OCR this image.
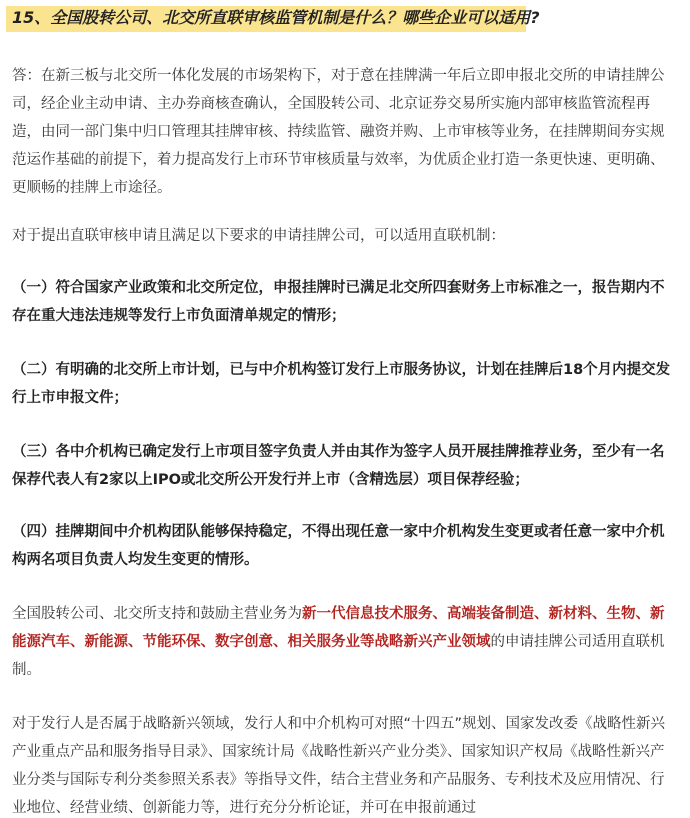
15、全国股转公司、北交所直联审核监管机制是什么？哪些企业可以适用?

答：在新三板与北交所一体化发展的市场架构下，对于意在挂牌满一年后立即申报北交所的申请挂牌公司，经企业主动申请、主办券商核查确认，全国股转公司、北京证券交易所实施内部审核监管流程再造，由同一部门集中归口管理其挂牌审核、持续监管、融资并购、上市审核等业务，在挂牌期间夯实规范运作基础的前提下，着力提高发行上市环节审核质量与效率，为优质企业打造一条更快速、更明确、更顺畅的挂牌上市途径。

对于提出直联审核申请且满足以下要求的申请挂牌公司，可以适用直联机制：

（一）符合国家产业政策和北交所定位，申报挂牌时已满足北交所四套财务上市标准之一，报告期内不存在重大违法违规等发行上市负面清单规定的情形；

（二）有明确的北交所上市计划，已与中介机构签订发行上市服务协议，计划在挂牌后18个月内提交发行上市申报文件；

（三）各中介机构已确定发行上市项目签字负责人并由其作为签字人员开展挂牌推荐业务，至少有一名保荐代表人有2家以上IPO或北交所公开发行并上市（含精选层）项目保荐经验；

（四）挂牌期间中介机构团队能够保持稳定，不得出现任意一家中介机构发生变更或者任意一家中介机构两名项目负责人均发生变更的情形。

全国股转公司、北交所支持和鼓励主营业务为新一代信息技术服务、高端装备制造、新材料、生物、新能源汽车、新能源、节能环保、数字创意、相关服务业等战略新兴产业领域的申请挂牌公司适用直联机制。

对于发行人是否属于战略新兴领域，发行人和中介机构可对照“十四五”规划、国家发改委《战略性新兴产业重点产品和服务指导目录》、国家统计局《战略性新兴产业分类》、国家知识产权局《战略性新兴产业分类与国际专利分类参照关系表》等指导文件，结合主营业务和产品服务、专利技术及应用情况、行业地位、经营业绩、创新能力等，进行充分分析论证，并可在申报前通过
